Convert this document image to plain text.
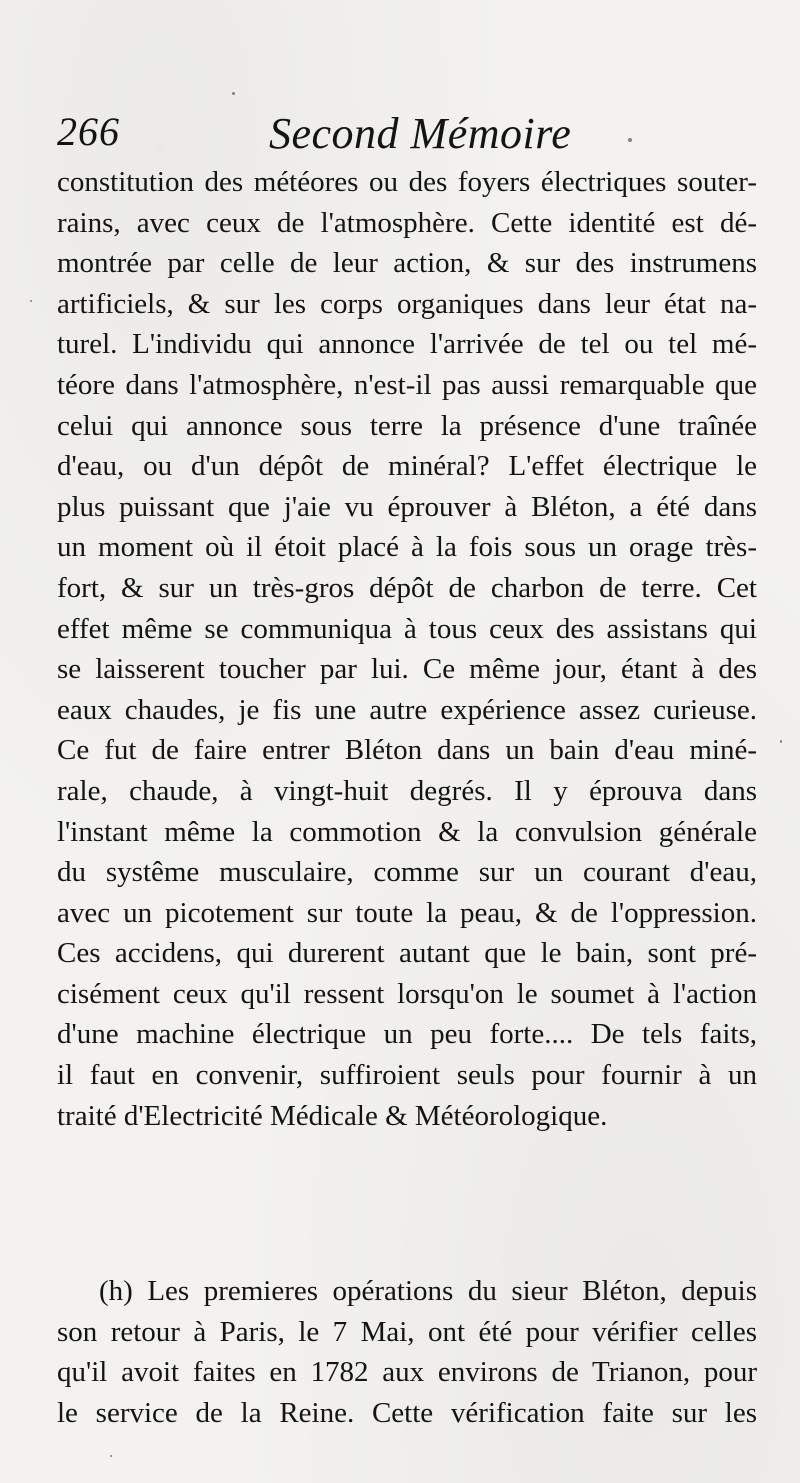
266	Second Mémoire
constitution des météores ou des foyers électriques souter-
rains, avec ceux de l'atmosphère. Cette identité est dé-
montrée par celle de leur action, & sur des instrumens
artificiels, & sur les corps organiques dans leur état na-
turel. L'individu qui annonce l'arrivée de tel ou tel mé-
téore dans l'atmosphère, n'est-il pas aussi remarquable que
celui qui annonce sous terre la présence d'une traînée
d'eau, ou d'un dépôt de minéral? L'effet électrique le
plus puissant que j'aie vu éprouver à Bléton, a été dans
un moment où il étoit placé à la fois sous un orage très-
fort, & sur un très-gros dépôt de charbon de terre. Cet
effet même se communiqua à tous ceux des assistans qui
se laisserent toucher par lui. Ce même jour, étant à des
eaux chaudes, je fis une autre expérience assez curieuse.
Ce fut de faire entrer Bléton dans un bain d'eau miné-
rale, chaude, à vingt-huit degrés. Il y éprouva dans
l'instant même la commotion & la convulsion générale
du systême musculaire, comme sur un courant d'eau,
avec un picotement sur toute la peau, & de l'oppression.
Ces accidens, qui durerent autant que le bain, sont pré-
cisément ceux qu'il ressent lorsqu'on le soumet à l'action
d'une machine électrique un peu forte.... De tels faits,
il faut en convenir, suffiroient seuls pour fournir à un
traité d'Electricité Médicale & Météorologique.
(h) Les premieres opérations du sieur Bléton, depuis
son retour à Paris, le 7 Mai, ont été pour vérifier celles
qu'il avoit faites en 1782 aux environs de Trianon, pour
le service de la Reine. Cette vérification faite sur les
